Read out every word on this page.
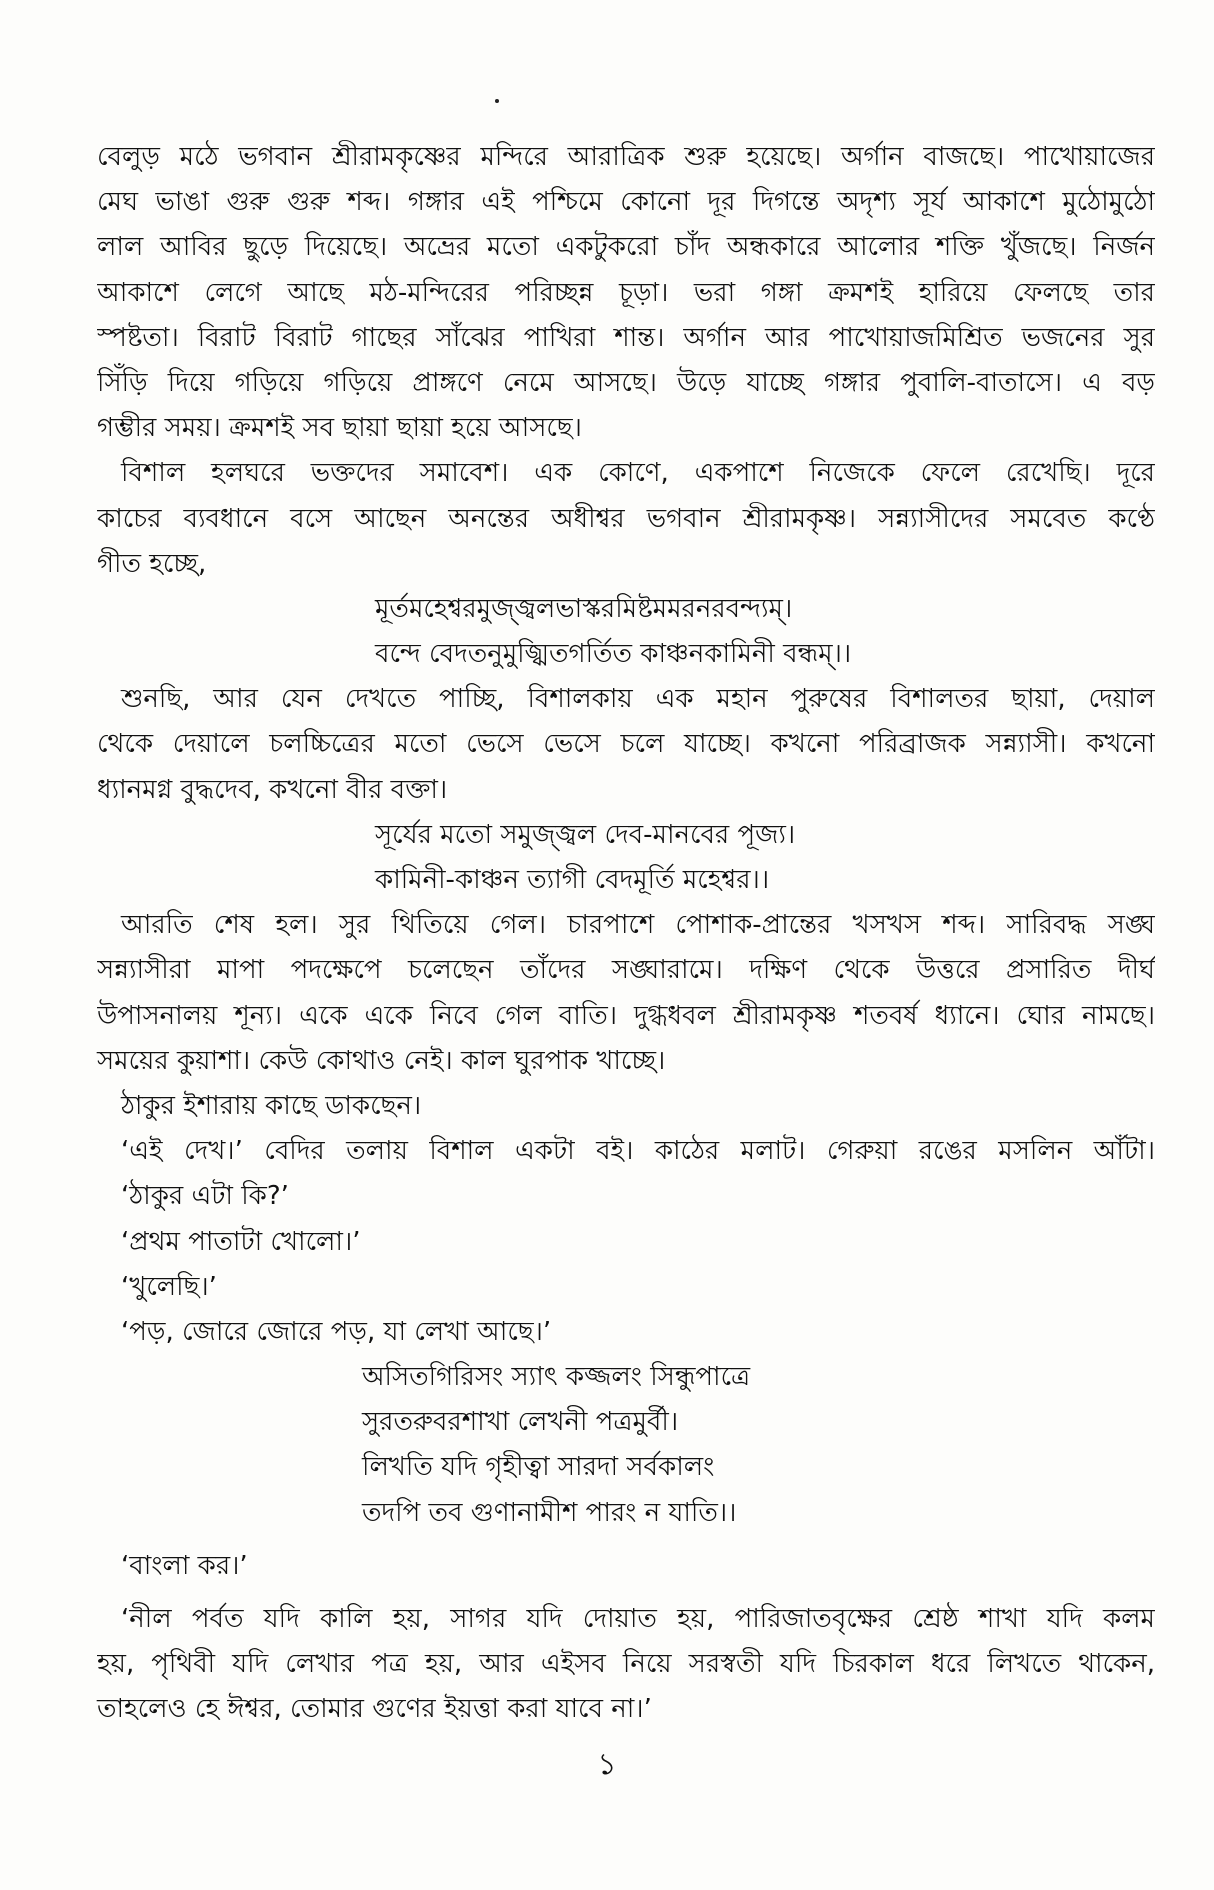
বেলুড় মঠে ভগবান শ্রীরামকৃষ্ণের মন্দিরে আরাত্রিক শুরু হয়েছে। অর্গান বাজছে। পাখোয়াজের
মেঘ ভাঙা গুরু গুরু শব্দ। গঙ্গার এই পশ্চিমে কোনো দূর দিগন্তে অদৃশ্য সূর্য আকাশে মুঠোমুঠো
লাল আবির ছুড়ে দিয়েছে। অভ্রের মতো একটুকরো চাঁদ অন্ধকারে আলোর শক্তি খুঁজছে। নির্জন
আকাশে লেগে আছে মঠ-মন্দিরের পরিচ্ছন্ন চূড়া। ভরা গঙ্গা ক্রমশই হারিয়ে ফেলছে তার
স্পষ্টতা। বিরাট বিরাট গাছের সাঁঝের পাখিরা শান্ত। অর্গান আর পাখোয়াজমিশ্রিত ভজনের সুর
সিঁড়ি দিয়ে গড়িয়ে গড়িয়ে প্রাঙ্গণে নেমে আসছে। উড়ে যাচ্ছে গঙ্গার পুবালি-বাতাসে। এ বড়
গম্ভীর সময়। ক্রমশই সব ছায়া ছায়া হয়ে আসছে।
বিশাল হলঘরে ভক্তদের সমাবেশ। এক কোণে, একপাশে নিজেকে ফেলে রেখেছি। দূরে
কাচের ব্যবধানে বসে আছেন অনন্তের অধীশ্বর ভগবান শ্রীরামকৃষ্ণ। সন্ন্যাসীদের সমবেত কণ্ঠে
গীত হচ্ছে,
মূর্তমহেশ্বরমুজ্জ্বলভাস্করমিষ্টমমরনরবন্দ্যম্।
বন্দে বেদতনুমুজ্ঝিতগর্তিত কাঞ্চনকামিনী বন্ধম্।।
শুনছি, আর যেন দেখতে পাচ্ছি, বিশালকায় এক মহান পুরুষের বিশালতর ছায়া, দেয়াল
থেকে দেয়ালে চলচ্চিত্রের মতো ভেসে ভেসে চলে যাচ্ছে। কখনো পরিব্রাজক সন্ন্যাসী। কখনো
ধ্যানমগ্ন বুদ্ধদেব, কখনো বীর বক্তা।
সূর্যের মতো সমুজ্জ্বল দেব-মানবের পূজ্য।
কামিনী-কাঞ্চন ত্যাগী বেদমূর্তি মহেশ্বর।।
আরতি শেষ হল। সুর থিতিয়ে গেল। চারপাশে পোশাক-প্রান্তের খসখস শব্দ। সারিবদ্ধ সঙ্ঘ
সন্ন্যাসীরা মাপা পদক্ষেপে চলেছেন তাঁদের সঙ্ঘারামে। দক্ষিণ থেকে উত্তরে প্রসারিত দীর্ঘ
উপাসনালয় শূন্য। একে একে নিবে গেল বাতি। দুগ্ধধবল শ্রীরামকৃষ্ণ শতবর্ষ ধ্যানে। ঘোর নামছে।
সময়ের কুয়াশা। কেউ কোথাও নেই। কাল ঘুরপাক খাচ্ছে।
ঠাকুর ইশারায় কাছে ডাকছেন।
‘এই দেখ।’ বেদির তলায় বিশাল একটা বই। কাঠের মলাট। গেরুয়া রঙের মসলিন আঁটা।
‘ঠাকুর এটা কি?’
‘প্রথম পাতাটা খোলো।’
‘খুলেছি।’
‘পড়, জোরে জোরে পড়, যা লেখা আছে।’
অসিতগিরিসং স্যাৎ কজ্জলং সিন্ধুপাত্রে
সুরতরুবরশাখা লেখনী পত্রমুর্বী।
লিখতি যদি গৃহীত্বা সারদা সর্বকালং
তদপি তব গুণানামীশ পারং ন যাতি।।
‘বাংলা কর।’
‘নীল পর্বত যদি কালি হয়, সাগর যদি দোয়াত হয়, পারিজাতবৃক্ষের শ্রেষ্ঠ শাখা যদি কলম
হয়, পৃথিবী যদি লেখার পত্র হয়, আর এইসব নিয়ে সরস্বতী যদি চিরকাল ধরে লিখতে থাকেন,
তাহলেও হে ঈশ্বর, তোমার গুণের ইয়ত্তা করা যাবে না।’
১
